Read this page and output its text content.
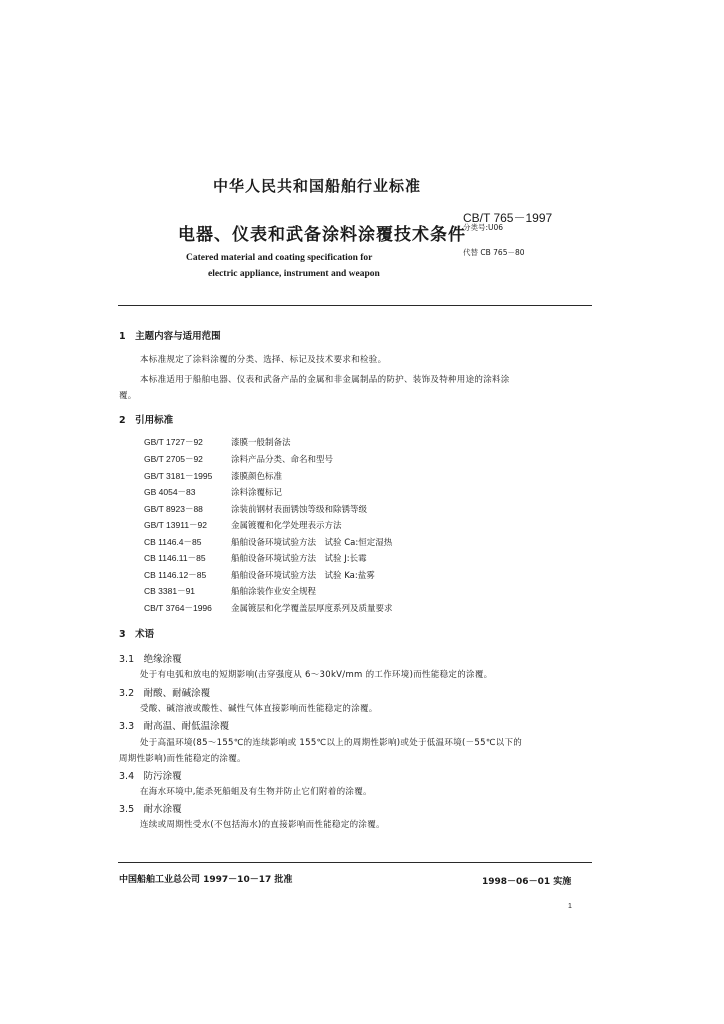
中华人民共和国船舶行业标准
电器、仪表和武备涂料涂覆技术条件
Catered material and coating specification for
electric appliance, instrument and weapon
CB/T 765－1997
分类号:U06
代替 CB 765－80
1　主题内容与适用范围
本标准规定了涂料涂覆的分类、选择、标记及技术要求和检验。
本标准适用于船舶电器、仪表和武备产品的金属和非金属制品的防护、装饰及特种用途的涂料涂
覆。
2　引用标准
GB/T 1727－92	漆膜一般制备法
GB/T 2705－92	涂料产品分类、命名和型号
GB/T 3181－1995 漆膜颜色标准
GB 4054－83	涂料涂覆标记
GB/T 8923－88	涂装前钢材表面锈蚀等级和除锈等级
GB/T 13911－92	金属镀覆和化学处理表示方法
CB 1146.4－85	船舶设备环境试验方法　试验 Ca:恒定湿热
CB 1146.11－85	船舶设备环境试验方法　试验 J:长霉
CB 1146.12－85	船舶设备环境试验方法　试验 Ka:盐雾
CB 3381－91	船舶涂装作业安全规程
CB/T 3764－1996 金属镀层和化学覆盖层厚度系列及质量要求
3　术语
3.1　绝缘涂覆
处于有电弧和放电的短期影响(击穿强度从 6～30kV/mm 的工作环境)而性能稳定的涂覆。
3.2　耐酸、耐碱涂覆
受酸、碱溶液或酸性、碱性气体直接影响而性能稳定的涂覆。
3.3　耐高温、耐低温涂覆
处于高温环境(85～155℃的连续影响或 155℃以上的周期性影响)或处于低温环境(－55℃以下的
周期性影响)而性能稳定的涂覆。
3.4　防污涂覆
在海水环境中,能杀死船蛆及有生物并防止它们附着的涂覆。
3.5　耐水涂覆
连续或周期性受水(不包括海水)的直接影响而性能稳定的涂覆。
中国船舶工业总公司 1997－10－17 批准	1998－06－01 实施
1
